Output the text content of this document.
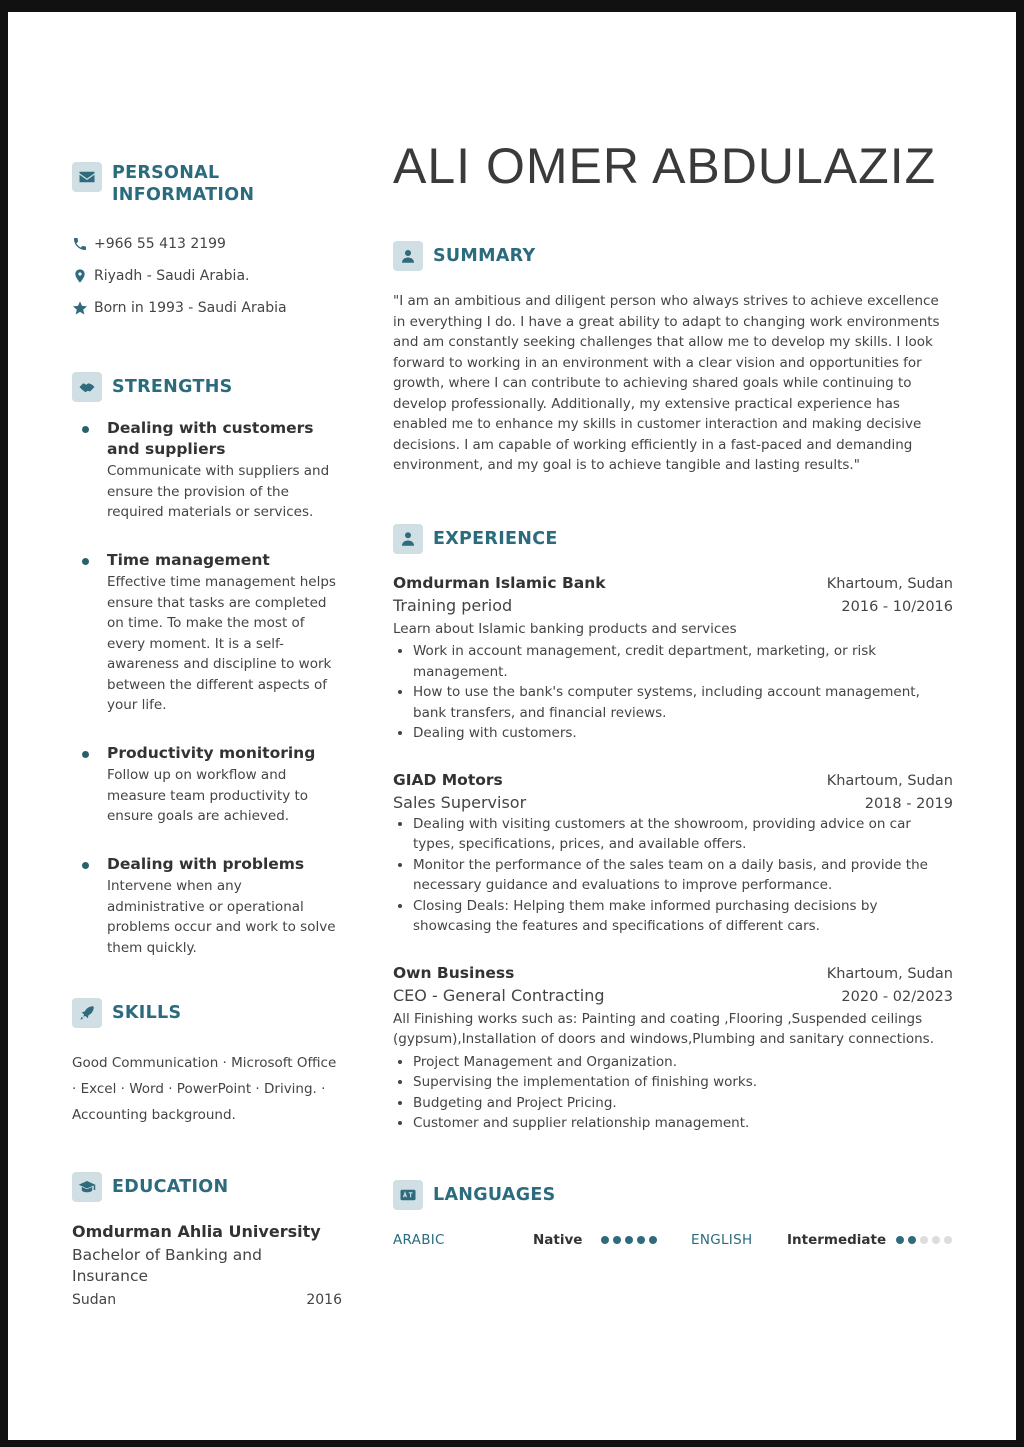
PERSONAL
INFORMATION
+966 55 413 2199
Riyadh - Saudi Arabia.
Born in 1993 - Saudi Arabia
STRENGTHS
Dealing with customers and suppliers
Communicate with suppliers and ensure the provision of the required materials or services.
Time management
Effective time management helps ensure that tasks are completed on time. To make the most of every moment. It is a self-awareness and discipline to work between the different aspects of your life.
Productivity monitoring
Follow up on workflow and measure team productivity to ensure goals are achieved.
Dealing with problems
Intervene when any administrative or operational problems occur and work to solve them quickly.
SKILLS
Good Communication · Microsoft Office · Excel · Word · PowerPoint · Driving. · Accounting background.
EDUCATION
Omdurman Ahlia University
Bachelor of Banking and Insurance
Sudan	2016
ALI OMER ABDULAZIZ
SUMMARY
"I am an ambitious and diligent person who always strives to achieve excellence in everything I do. I have a great ability to adapt to changing work environments and am constantly seeking challenges that allow me to develop my skills. I look forward to working in an environment with a clear vision and opportunities for growth, where I can contribute to achieving shared goals while continuing to develop professionally. Additionally, my extensive practical experience has enabled me to enhance my skills in customer interaction and making decisive decisions. I am capable of working efficiently in a fast-paced and demanding environment, and my goal is to achieve tangible and lasting results."
EXPERIENCE
Omdurman Islamic Bank	Khartoum, Sudan
Training period	2016 - 10/2016
Learn about Islamic banking products and services
• Work in account management, credit department, marketing, or risk management.
• How to use the bank's computer systems, including account management, bank transfers, and financial reviews.
• Dealing with customers.
GIAD Motors	Khartoum, Sudan
Sales Supervisor	2018 - 2019
• Dealing with visiting customers at the showroom, providing advice on car types, specifications, prices, and available offers.
• Monitor the performance of the sales team on a daily basis, and provide the necessary guidance and evaluations to improve performance.
• Closing Deals: Helping them make informed purchasing decisions by showcasing the features and specifications of different cars.
Own Business	Khartoum, Sudan
CEO - General Contracting	2020 - 02/2023
All Finishing works such as: Painting and coating ,Flooring ,Suspended ceilings (gypsum),Installation of doors and windows,Plumbing and sanitary connections.
• Project Management and Organization.
• Supervising the implementation of finishing works.
• Budgeting and Project Pricing.
• Customer and supplier relationship management.
LANGUAGES
ARABIC	Native	ENGLISH	Intermediate
